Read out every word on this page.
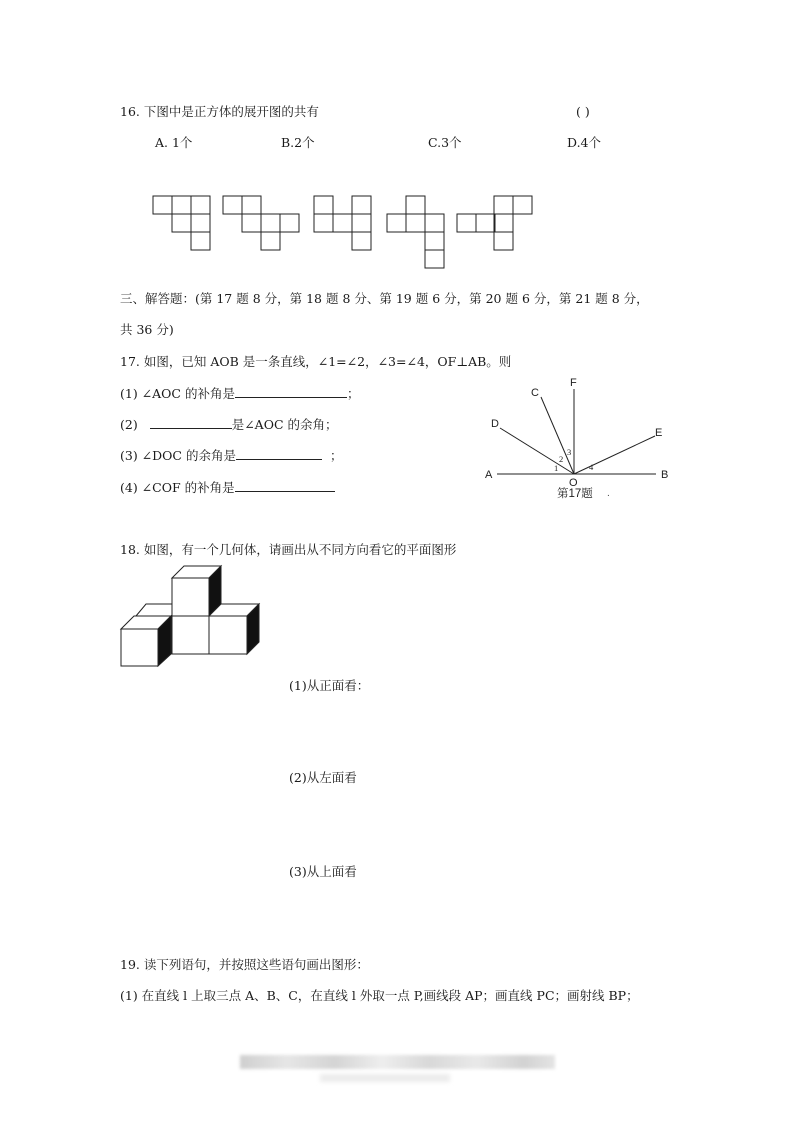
16. 下图中是正方体的展开图的共有	( )
A. 1个	B.2个	C.3个	D.4个
三、解答题：(第 17 题 8 分，第 18 题 8 分、第 19 题 6 分，第 20 题 6 分，第 21 题 8 分，
共 36 分)
17. 如图，已知 AOB 是一条直线，∠1=∠2，∠3=∠4，OF⊥AB。则
(1) ∠AOC 的补角是	；
(2)	是∠AOC 的余角；
(3) ∠DOC 的余角是	；
(4) ∠COF 的补角是
A	B
C
D
E
F
O
1
2
3
4
第17题 .
18. 如图，有一个几何体，请画出从不同方向看它的平面图形
(1)从正面看：
(2)从左面看
(3)从上面看
19. 读下列语句，并按照这些语句画出图形：
(1) 在直线 l 上取三点 A、B、C，在直线 l 外取一点 P,画线段 AP；画直线 PC；画射线 BP；
